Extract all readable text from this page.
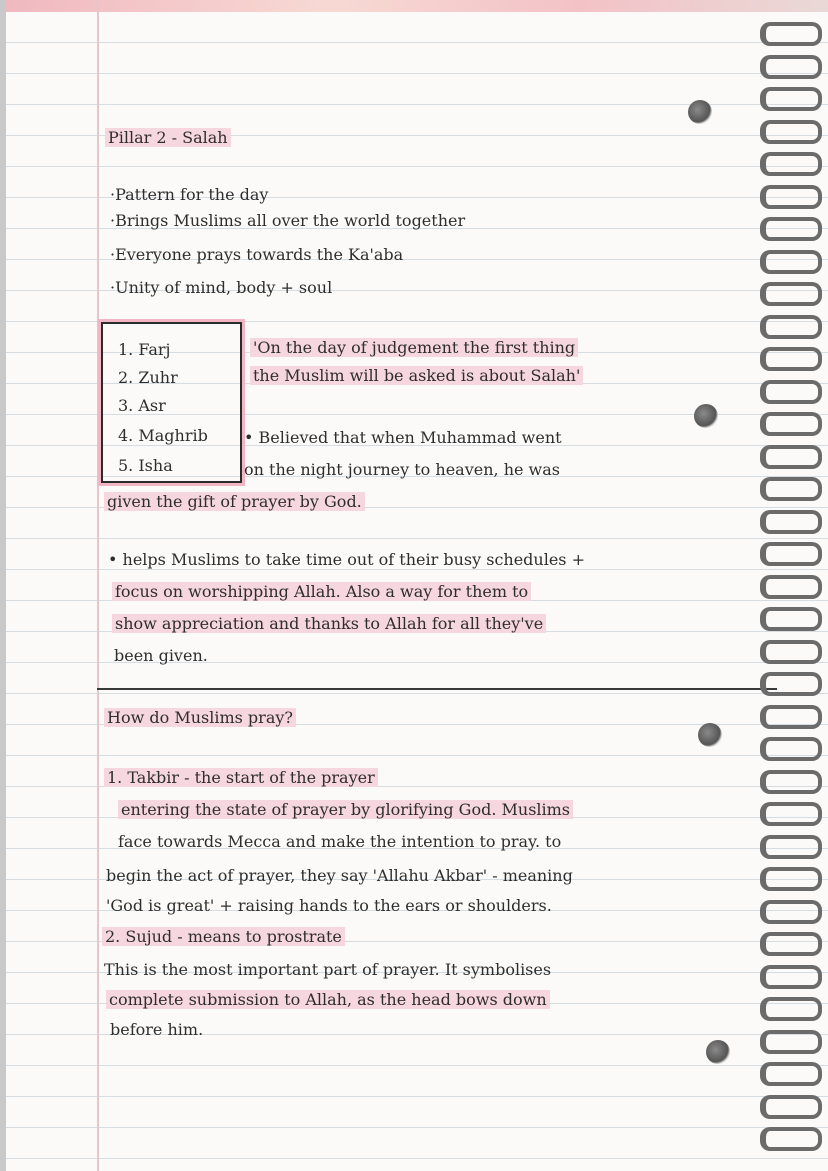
Pillar 2 - Salah
·Pattern for the day
·Brings Muslims all over the world together
·Everyone prays towards the Ka'aba
·Unity of mind, body + soul
1. Farj
2. Zuhr
3. Asr
4. Maghrib
5. Isha
'On the day of judgement the first thing
the Muslim will be asked is about Salah'
• Believed that when Muhammad went
on the night journey to heaven, he was
given the gift of prayer by God.
• helps Muslims to take time out of their busy schedules +
focus on worshipping Allah. Also a way for them to
show appreciation and thanks to Allah for all they've
been given.
How do Muslims pray?
1. Takbir - the start of the prayer
entering the state of prayer by glorifying God. Muslims
face towards Mecca and make the intention to pray. to
begin the act of prayer, they say 'Allahu Akbar' - meaning
'God is great' + raising hands to the ears or shoulders.
2. Sujud - means to prostrate
This is the most important part of prayer. It symbolises
complete submission to Allah, as the head bows down
before him.
